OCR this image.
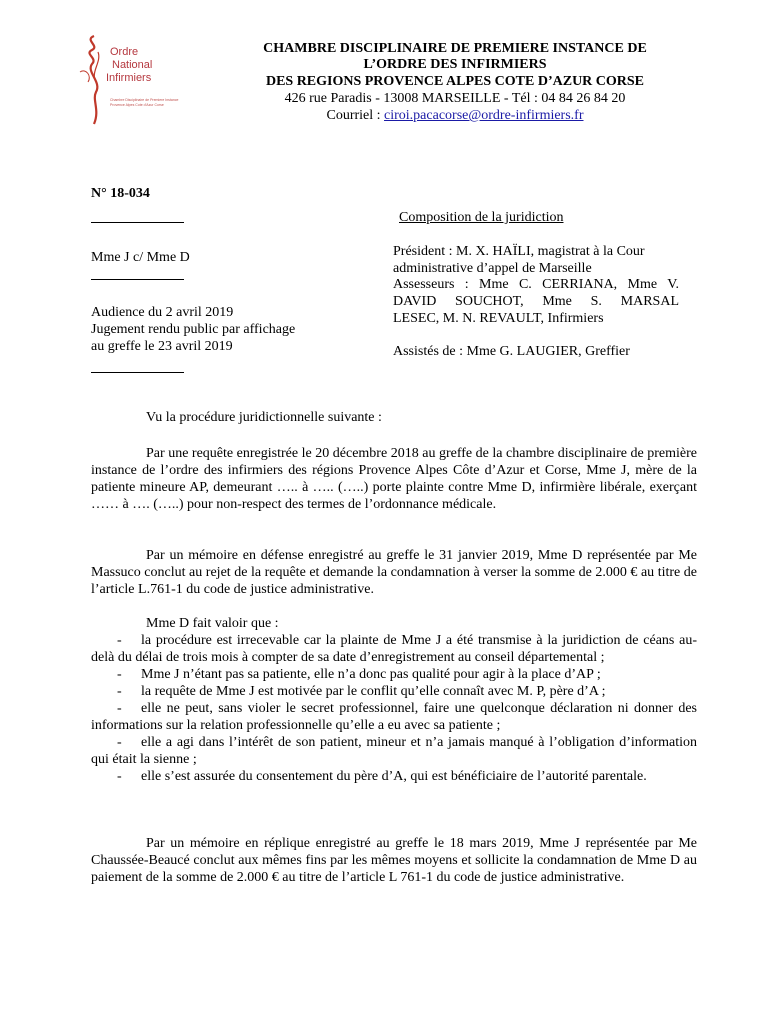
Ordre
National
Infirmiers
Chambre Disciplinaire de Premiere Instance
Provence Alpes Cote d'Azur Corse
CHAMBRE DISCIPLINAIRE DE PREMIERE INSTANCE DE
L’ORDRE DES INFIRMIERS
DES REGIONS PROVENCE ALPES COTE D’AZUR CORSE
426 rue Paradis - 13008 MARSEILLE - Tél : 04 84 26 84 20
Courriel : ciroi.pacacorse@ordre-infirmiers.fr
N° 18-034
Mme J c/ Mme D
Audience du 2 avril 2019
Jugement rendu public par affichage
au greffe le 23 avril 2019
Composition de la juridiction
Président : M. X. HAЇLI, magistrat à la Cour
administrative d’appel de Marseille
Assesseurs : Mme C. CERRIANA, Mme V.
DAVID SOUCHOT, Mme S. MARSAL
LESEC, M. N. REVAULT, Infirmiers
Assistés de : Mme G. LAUGIER, Greffier
Vu la procédure juridictionnelle suivante :

Par une requête enregistrée le 20 décembre 2018 au greffe de la chambre disciplinaire de première instance de l’ordre des infirmiers des régions Provence Alpes Côte d’Azur et Corse, Mme J, mère de la patiente mineure AP, demeurant ….. à ….. (…..) porte plainte contre Mme D, infirmière libérale, exerçant …… à …. (…..) pour non-respect des termes de l’ordonnance médicale.

Par un mémoire en défense enregistré au greffe le 31 janvier 2019, Mme D représentée par Me Massuco conclut au rejet de la requête et demande la condamnation à verser la somme de 2.000 € au titre de l’article L.761-1 du code de justice administrative.

Mme D fait valoir que :

- la procédure est irrecevable car la plainte de Mme J a été transmise à la juridiction de céans au-delà du délai de trois mois à compter de sa date d’enregistrement au conseil départemental ;

- Mme J n’étant pas sa patiente, elle n’a donc pas qualité pour agir à la place d’AP ;

- la requête de Mme J est motivée par le conflit qu’elle connaît avec M. P, père d’A ;

- elle ne peut, sans violer le secret professionnel, faire une quelconque déclaration ni donner des informations sur la relation professionnelle qu’elle a eu avec sa patiente ;

- elle a agi dans l’intérêt de son patient, mineur et n’a jamais manqué à l’obligation d’information qui était la sienne ;

- elle s’est assurée du consentement du père d’A, qui est bénéficiaire de l’autorité parentale.

Par un mémoire en réplique enregistré au greffe le 18 mars 2019, Mme J représentée par Me Chaussée-Beaucé conclut aux mêmes fins par les mêmes moyens et sollicite la condamnation de Mme D au paiement de la somme de 2.000 € au titre de l’article L 761-1 du code de justice administrative.
